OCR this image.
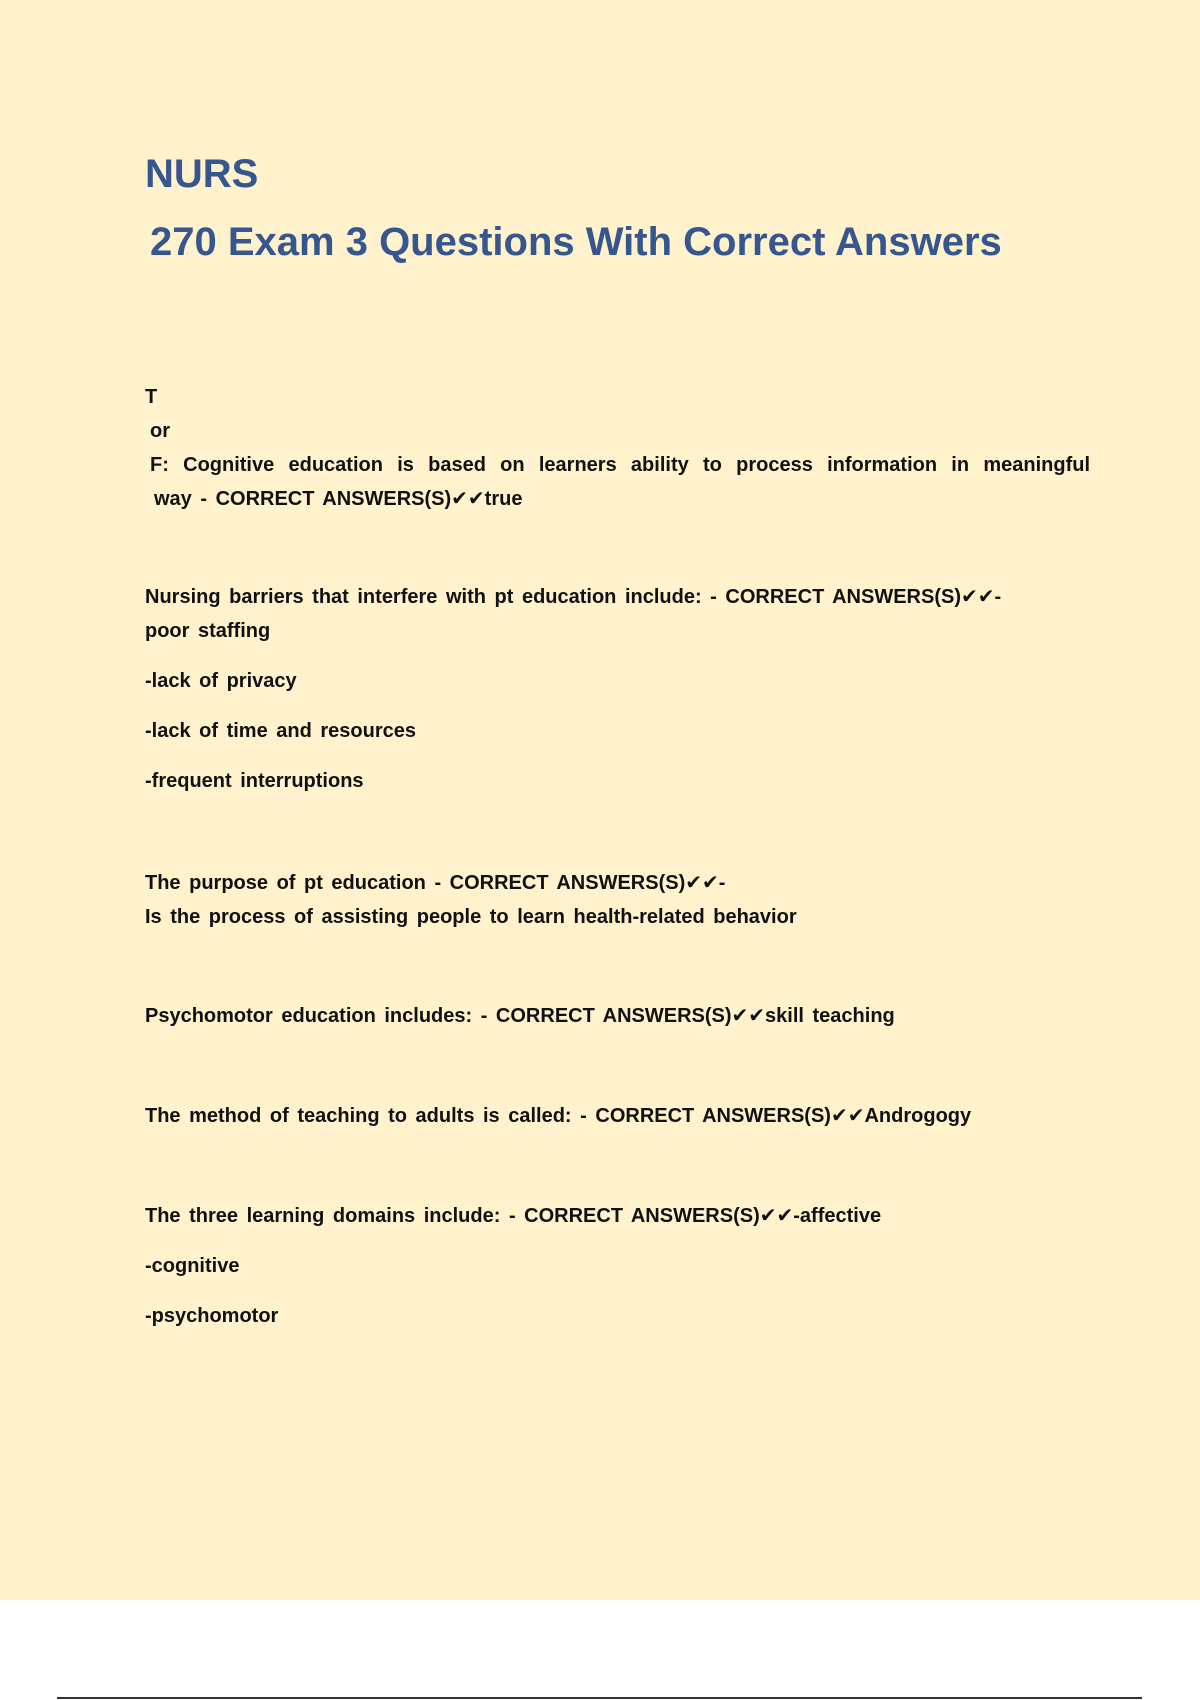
NURS

270 Exam 3 Questions With Correct Answers

T

or

F: Cognitive education is based on learners ability to process information in meaningful

way - CORRECT ANSWERS(S)✔✔true

Nursing barriers that interfere with pt education include: - CORRECT ANSWERS(S)✔✔-

poor staffing

-lack of privacy

-lack of time and resources

-frequent interruptions

The purpose of pt education - CORRECT ANSWERS(S)✔✔-

Is the process of assisting people to learn health-related behavior

Psychomotor education includes: - CORRECT ANSWERS(S)✔✔skill teaching

The method of teaching to adults is called: - CORRECT ANSWERS(S)✔✔Androgogy

The three learning domains include: - CORRECT ANSWERS(S)✔✔-affective

-cognitive

-psychomotor
